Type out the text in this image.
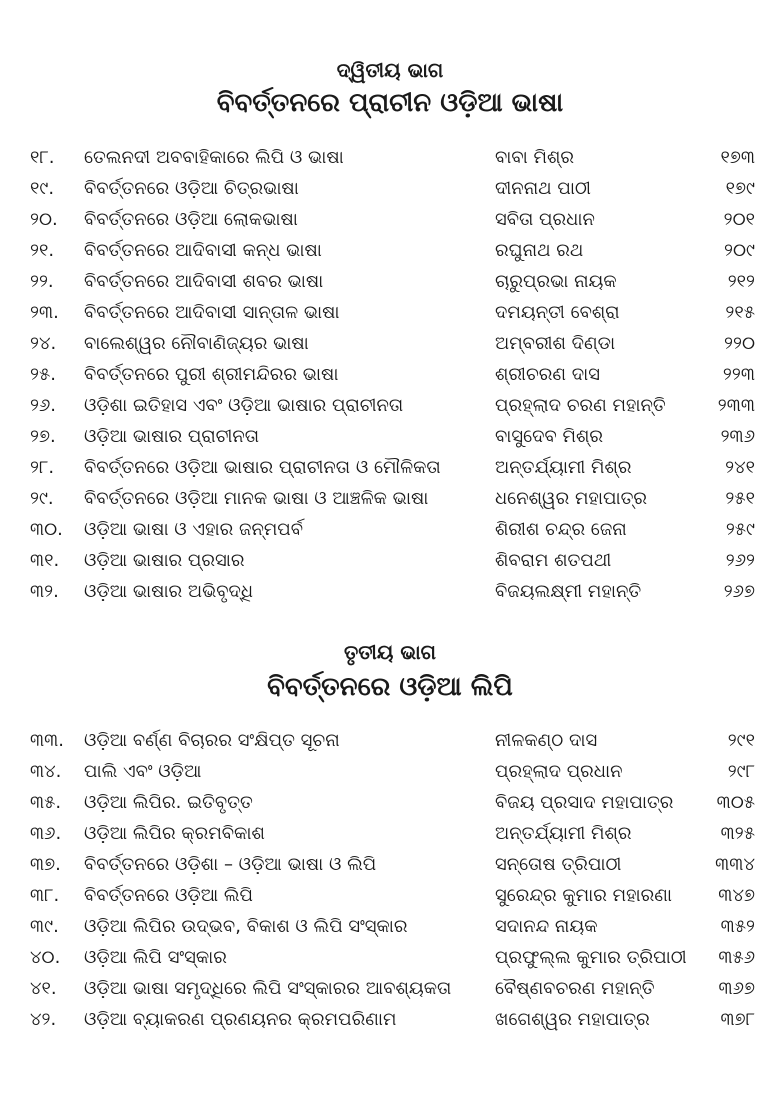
ଦ୍ୱିତୀୟ ଭାଗ
ବିବର୍ତ୍ତନରେ ପ୍ରାଚୀନ ଓଡ଼ିଆ ଭାଷା
୧୮.	ତେଲନଦୀ ଅବବାହିକାରେ ଲିପି ଓ ଭାଷା	ବାବା ମିଶ୍ର	୧୭୩
୧୯.	ବିବର୍ତ୍ତନରେ ଓଡ଼ିଆ ଚିତ୍ରଭାଷା	ଦୀନନାଥ ପାଠୀ	୧୭୯
୨୦.	ବିବର୍ତ୍ତନରେ ଓଡ଼ିଆ ଲୋକଭାଷା	ସବିତା ପ୍ରଧାନ	୨୦୧
୨୧.	ବିବର୍ତ୍ତନରେ ଆଦିବାସୀ କନ୍ଧ ଭାଷା	ରଘୁନାଥ ରଥ	୨୦୯
୨୨.	ବିବର୍ତ୍ତନରେ ଆଦିବାସୀ ଶବର ଭାଷା	ଚାରୁପ୍ରଭା ନାୟକ	୨୧୨
୨୩.	ବିବର୍ତ୍ତନରେ ଆଦିବାସୀ ସାନ୍ତାଳ ଭାଷା	ଦମୟନ୍ତୀ ବେଶ୍ରା	୨୧୫
୨୪.	ବାଲେଶ୍ୱର ନୌବାଣିଜ୍ୟର ଭାଷା	ଅମ୍ବରୀଶ ଦିଣ୍ଡା	୨୨୦
୨୫.	ବିବର୍ତ୍ତନରେ ପୁରୀ ଶ୍ରୀମନ୍ଦିରର ଭାଷା	ଶ୍ରୀଚରଣ ଦାସ	୨୨୩
୨୬.	ଓଡ଼ିଶା ଇତିହାସ ଏବଂ ଓଡ଼ିଆ ଭାଷାର ପ୍ରାଚୀନତା	ପ୍ରହ୍ଲାଦ ଚରଣ ମହାନ୍ତି	୨୩୩
୨୭.	ଓଡ଼ିଆ ଭାଷାର ପ୍ରାଚୀନତା	ବାସୁଦେବ ମିଶ୍ର	୨୩୬
୨୮.	ବିବର୍ତ୍ତନରେ ଓଡ଼ିଆ ଭାଷାର ପ୍ରାଚୀନତା ଓ ମୌଳିକତା	ଅନ୍ତର୍ଯ୍ୟାମୀ ମିଶ୍ର	୨୪୧
୨୯.	ବିବର୍ତ୍ତନରେ ଓଡ଼ିଆ ମାନକ ଭାଷା ଓ ଆଞ୍ଚଳିକ ଭାଷା	ଧନେଶ୍ୱର ମହାପାତ୍ର	୨୫୧
୩୦.	ଓଡ଼ିଆ ଭାଷା ଓ ଏହାର ଜନ୍ମପର୍ବ	ଶିରୀଶ ଚନ୍ଦ୍ର ଜେନା	୨୫୯
୩୧.	ଓଡ଼ିଆ ଭାଷାର ପ୍ରସାର	ଶିବରାମ ଶତପଥୀ	୨୬୨
୩୨.	ଓଡ଼ିଆ ଭାଷାର ଅଭିବୃଦ୍ଧି	ବିଜୟଲକ୍ଷ୍ମୀ ମହାନ୍ତି	୨୬୭
ତୃତୀୟ ଭାଗ
ବିବର୍ତ୍ତନରେ ଓଡ଼ିଆ ଲିପି
୩୩.	ଓଡ଼ିଆ ବର୍ଣ୍ଣ ବିଚାରର ସଂକ୍ଷିପ୍ତ ସୂଚନା	ନୀଳକଣ୍ଠ ଦାସ	୨୯୧
୩୪.	ପାଲି ଏବଂ ଓଡ଼ିଆ	ପ୍ରହ୍ଲାଦ ପ୍ରଧାନ	୨୯୮
୩୫.	ଓଡ଼ିଆ ଲିପିର. ଇତିବୃତ୍ତ	ବିଜୟ ପ୍ରସାଦ ମହାପାତ୍ର	୩୦୫
୩୬.	ଓଡ଼ିଆ ଲିପିର କ୍ରମବିକାଶ	ଅନ୍ତର୍ଯ୍ୟାମୀ ମିଶ୍ର	୩୨୫
୩୭.	ବିବର୍ତ୍ତନରେ ଓଡ଼ିଶା – ଓଡ଼ିଆ ଭାଷା ଓ ଲିପି	ସନ୍ତୋଷ ତ୍ରିପାଠୀ	୩୩୪
୩୮.	ବିବର୍ତ୍ତନରେ ଓଡ଼ିଆ ଲିପି	ସୁରେନ୍ଦ୍ର କୁମାର ମହାରଣା	୩୪୭
୩୯.	ଓଡ଼ିଆ ଲିପିର ଉଦ୍ଭବ, ବିକାଶ ଓ ଲିପି ସଂସ୍କାର	ସଦାନନ୍ଦ ନାୟକ	୩୫୨
୪୦.	ଓଡ଼ିଆ ଲିପି ସଂସ୍କାର	ପ୍ରଫୁଲ୍ଲ କୁମାର ତ୍ରିପାଠୀ	୩୫୬
୪୧.	ଓଡ଼ିଆ ଭାଷା ସମୃଦ୍ଧିରେ ଲିପି ସଂସ୍କାରର ଆବଶ୍ୟକତା	ବୈଷ୍ଣବଚରଣ ମହାନ୍ତି	୩୬୭
୪୨.	ଓଡ଼ିଆ ବ୍ୟାକରଣ ପ୍ରଣୟନର କ୍ରମପରିଣାମ	ଖଗେଶ୍ୱର ମହାପାତ୍ର	୩୭୮
